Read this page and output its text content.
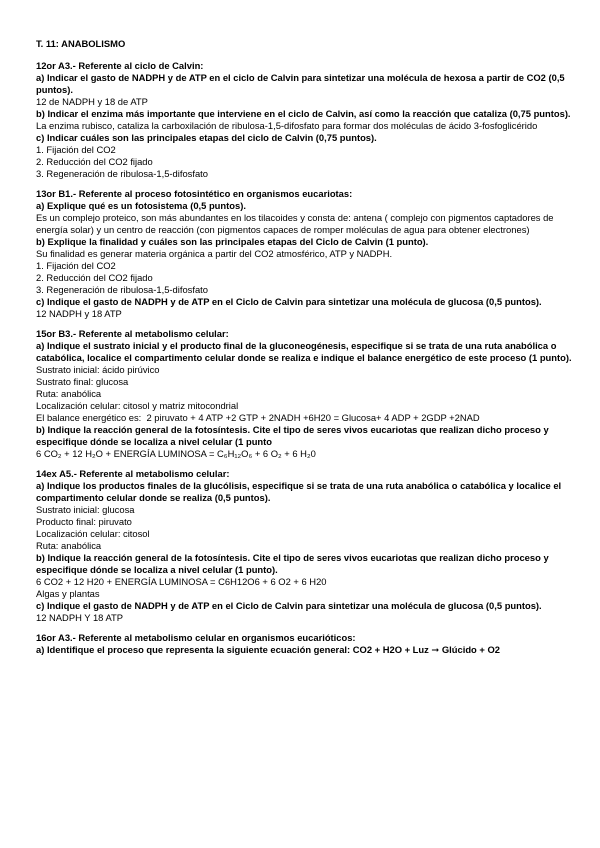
T. 11: ANABOLISMO
12or A3.- Referente al ciclo de Calvin:
a) Indicar el gasto de NADPH y de ATP en el ciclo de Calvin para sintetizar una molécula de hexosa a partir de CO2 (0,5 puntos).
12 de NADPH y 18 de ATP
b) Indicar el enzima más importante que interviene en el ciclo de Calvin, así como la reacción que cataliza (0,75 puntos).
La enzima rubisco, cataliza la carboxilación de ribulosa-1,5-difosfato para formar dos moléculas de ácido 3-fosfoglicérido
c) Indicar cuáles son las principales etapas del ciclo de Calvin (0,75 puntos).
1. Fijación del CO2
2. Reducción del CO2 fijado
3. Regeneración de ribulosa-1,5-difosfato
13or B1.- Referente al proceso fotosintético en organismos eucariotas:
a) Explique qué es un fotosistema (0,5 puntos).
Es un complejo proteico, son más abundantes en los tilacoides y consta de: antena ( complejo con pigmentos captadores de energía solar) y un centro de reacción (con pigmentos capaces de romper moléculas de agua para obtener electrones)
b) Explique la finalidad y cuáles son las principales etapas del Ciclo de Calvin (1 punto).
Su finalidad es generar materia orgánica a partir del CO2 atmosférico, ATP y NADPH.
1. Fijación del CO2
2. Reducción del CO2 fijado
3. Regeneración de ribulosa-1,5-difosfato
c) Indique el gasto de NADPH y de ATP en el Ciclo de Calvin para sintetizar una molécula de glucosa (0,5 puntos).
12 NADPH y 18 ATP
15or B3.- Referente al metabolismo celular:
a) Indique el sustrato inicial y el producto final de la gluconeogénesis, especifique si se trata de una ruta anabólica o catabólica, localice el compartimento celular donde se realiza e indique el balance energético de este proceso (1 punto).
Sustrato inicial: ácido pirúvico
Sustrato final: glucosa
Ruta: anabólica
Localización celular: citosol y matriz mitocondrial
El balance energético es:  2 piruvato + 4 ATP +2 GTP + 2NADH +6H20 = Glucosa+ 4 ADP + 2GDP +2NAD
b) Indique la reacción general de la fotosíntesis. Cite el tipo de seres vivos eucariotas que realizan dicho proceso y especifique dónde se localiza a nivel celular (1 punto
6 CO₂ + 12 H₂O + ENERGÍA LUMINOSA = C₆H₁₂O₆ + 6 O₂ + 6 H₂0
14ex A5.- Referente al metabolismo celular:
a) Indique los productos finales de la glucólisis, especifique si se trata de una ruta anabólica o catabólica y localice el compartimento celular donde se realiza (0,5 puntos).
Sustrato inicial: glucosa
Producto final: piruvato
Localización celular: citosol
Ruta: anabólica
b) Indique la reacción general de la fotosíntesis. Cite el tipo de seres vivos eucariotas que realizan dicho proceso y especifique dónde se localiza a nivel celular (1 punto).
6 CO2 + 12 H20 + ENERGÍA LUMINOSA = C6H12O6 + 6 O2 + 6 H20
Algas y plantas
c) Indique el gasto de NADPH y de ATP en el Ciclo de Calvin para sintetizar una molécula de glucosa (0,5 puntos).
12 NADPH Y 18 ATP
16or A3.- Referente al metabolismo celular en organismos eucarióticos:
a) Identifique el proceso que representa la siguiente ecuación general: CO2 + H2O + Luz ➞ Glúcido + O2
